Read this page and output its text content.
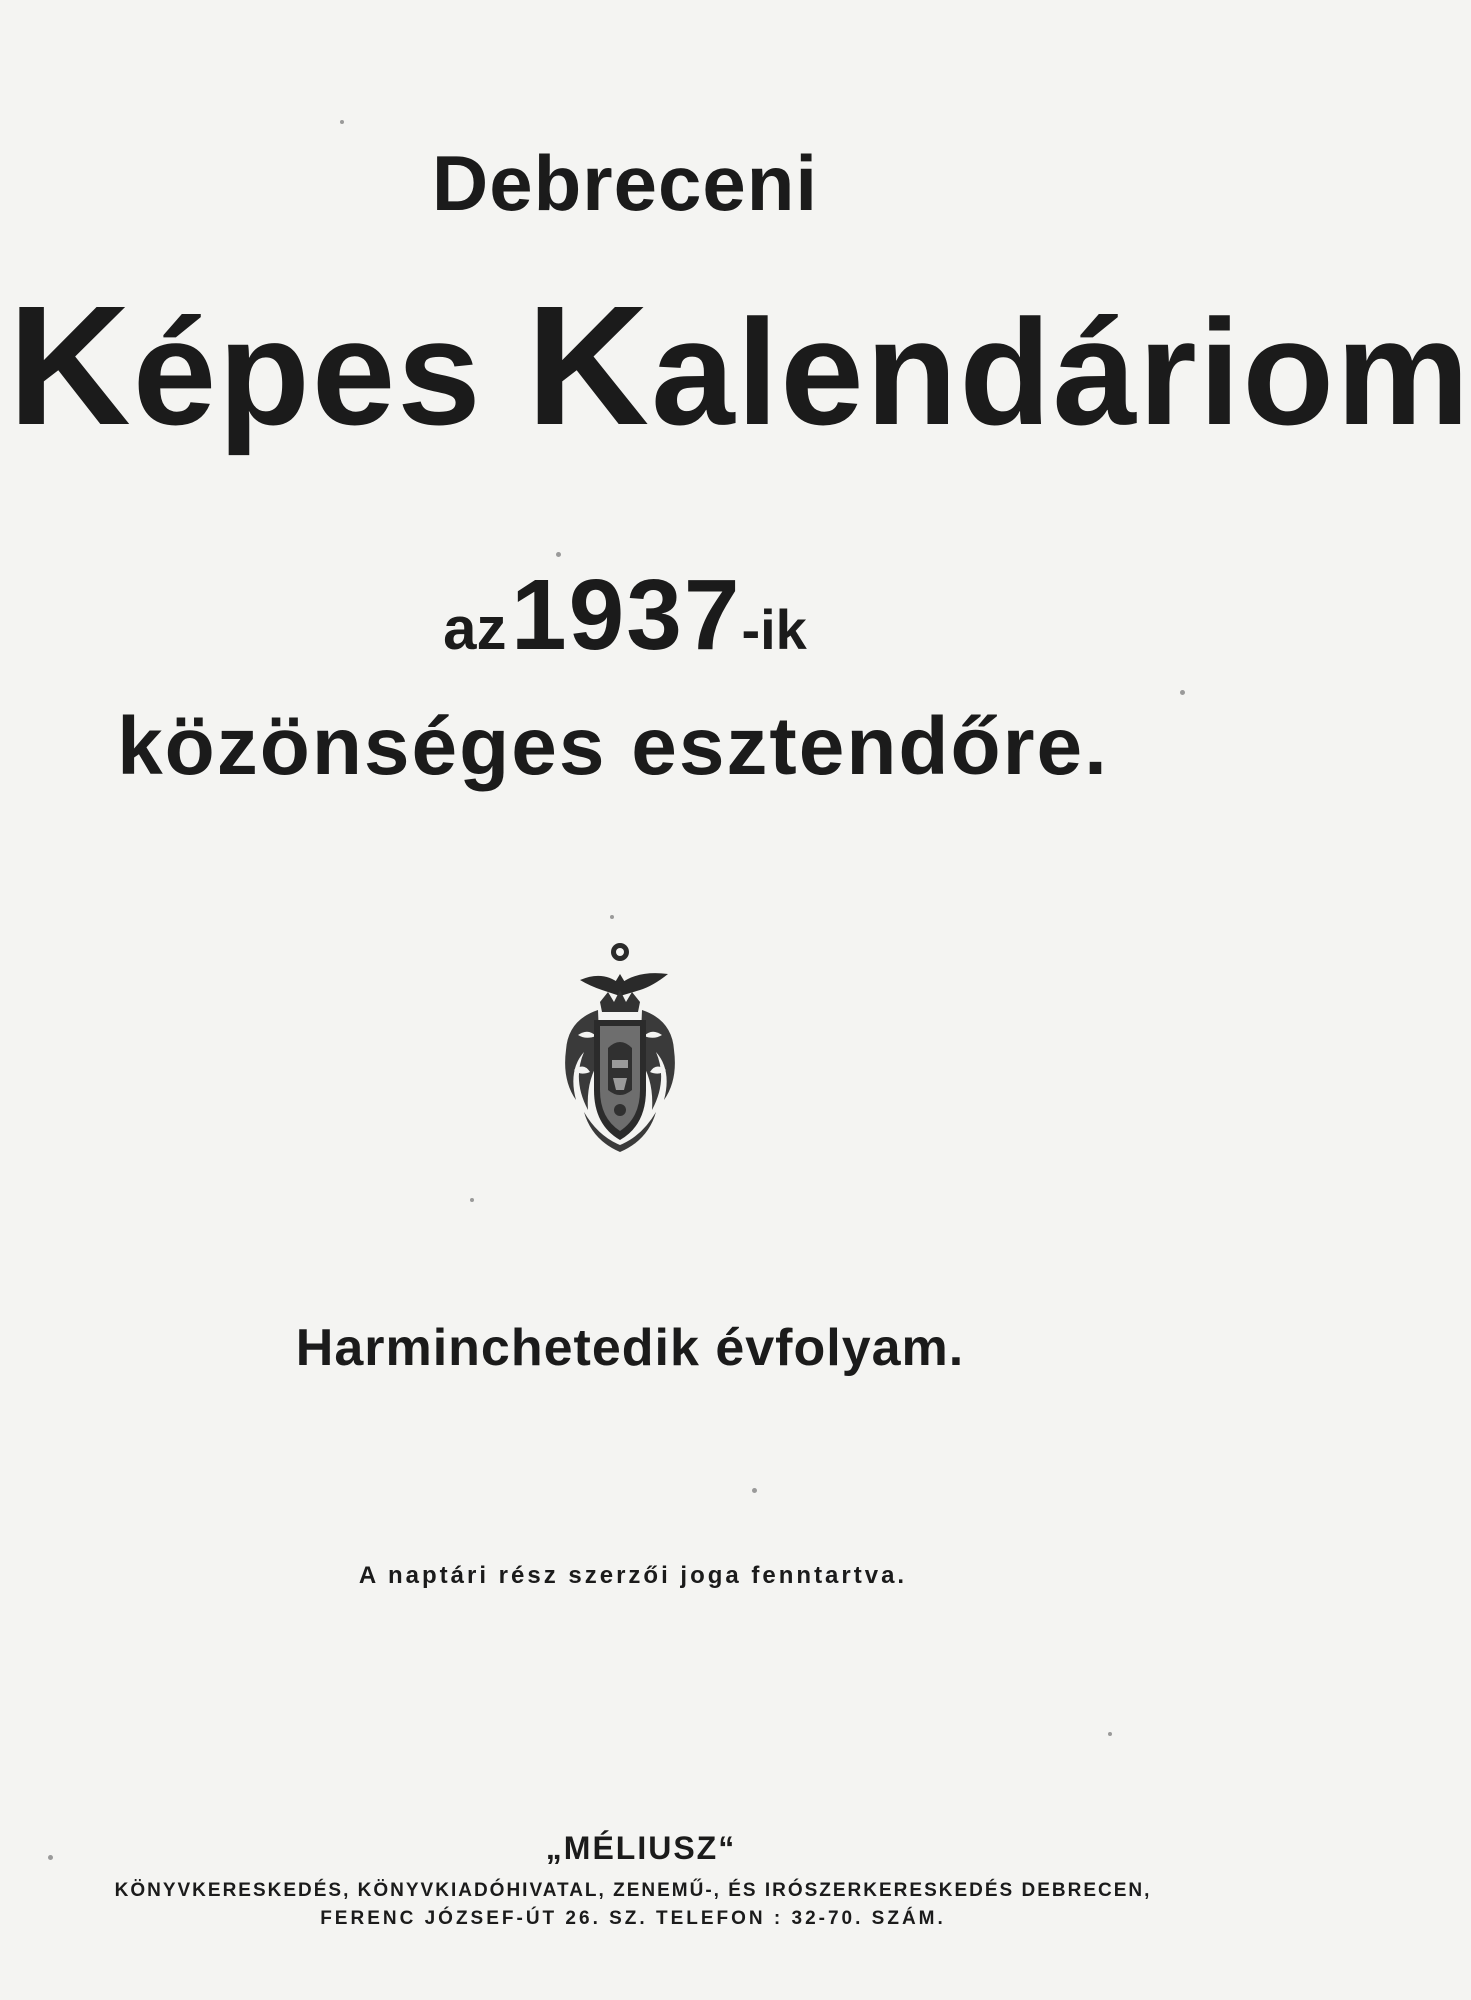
Debreceni
Képes Kalendáriom
az 1937-ik
közönséges esztendőre.
Harminchetedik évfolyam.
A naptári rész szerzői joga fenntartva.
„MÉLIUSZ“
KÖNYVKERESKEDÉS, KÖNYVKIADÓHIVATAL, ZENEMŰ-, ÉS IRÓSZERKERESKEDÉS DEBRECEN,
FERENC JÓZSEF-ÚT 26. SZ. TELEFON : 32-70. SZÁM.
